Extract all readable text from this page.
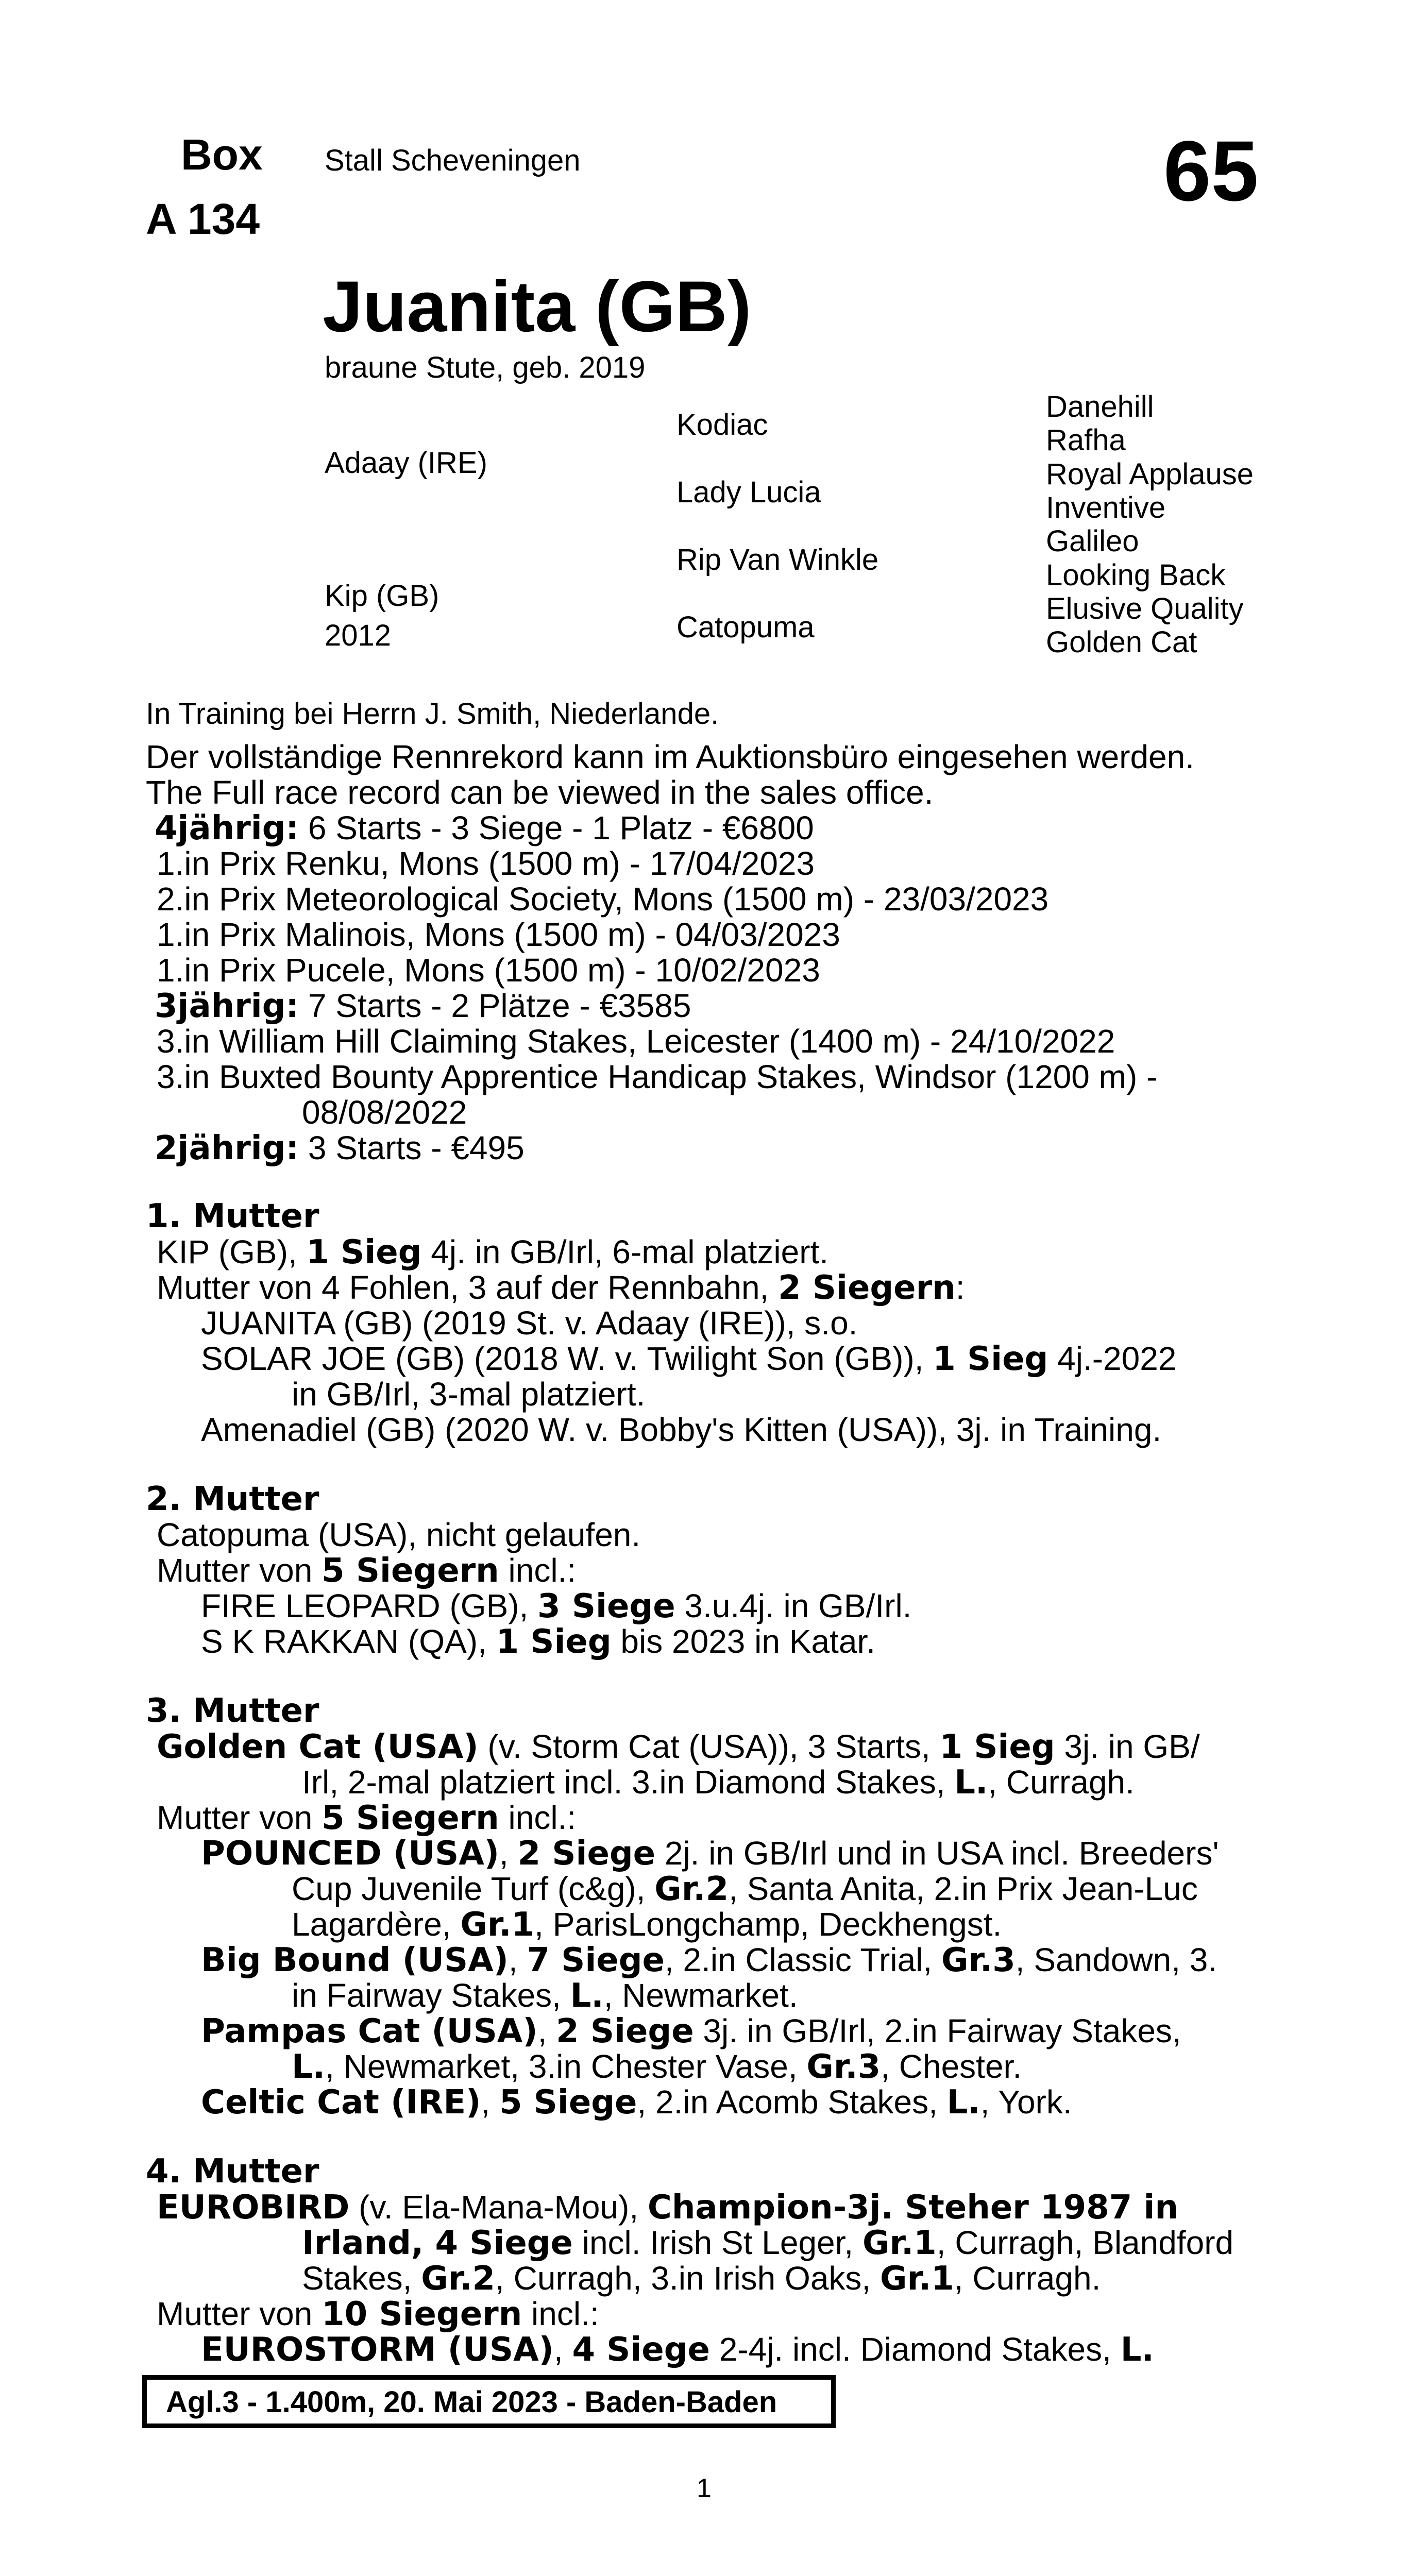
Box
A 134
Stall Scheveningen	65
Juanita (GB)
braune Stute, geb. 2019
Adaay (IRE)
Kip (GB)
2012
Kodiac
Lady Lucia
Rip Van Winkle
Catopuma
Danehill
Rafha
Royal Applause
Inventive
Galileo
Looking Back
Elusive Quality
Golden Cat
In Training bei Herrn J. Smith, Niederlande.
Der vollständige Rennrekord kann im Auktionsbüro eingesehen werden.
The Full race record can be viewed in the sales office.
4jährig: 6 Starts - 3 Siege - 1 Platz - €6800
1.in Prix Renku, Mons (1500 m) - 17/04/2023
2.in Prix Meteorological Society, Mons (1500 m) - 23/03/2023
1.in Prix Malinois, Mons (1500 m) - 04/03/2023
1.in Prix Pucele, Mons (1500 m) - 10/02/2023
3jährig: 7 Starts - 2 Plätze - €3585
3.in William Hill Claiming Stakes, Leicester (1400 m) - 24/10/2022
3.in Buxted Bounty Apprentice Handicap Stakes, Windsor (1200 m) -
08/08/2022
2jährig: 3 Starts - €495
1. Mutter
KIP (GB), 1 Sieg 4j. in GB/Irl, 6-mal platziert.
Mutter von 4 Fohlen, 3 auf der Rennbahn, 2 Siegern:
JUANITA (GB) (2019 St. v. Adaay (IRE)), s.o.
SOLAR JOE (GB) (2018 W. v. Twilight Son (GB)), 1 Sieg 4j.-2022
in GB/Irl, 3-mal platziert.
Amenadiel (GB) (2020 W. v. Bobby's Kitten (USA)), 3j. in Training.
2. Mutter
Catopuma (USA), nicht gelaufen.
Mutter von 5 Siegern incl.:
FIRE LEOPARD (GB), 3 Siege 3.u.4j. in GB/Irl.
S K RAKKAN (QA), 1 Sieg bis 2023 in Katar.
3. Mutter
Golden Cat (USA) (v. Storm Cat (USA)), 3 Starts, 1 Sieg 3j. in GB/
Irl, 2-mal platziert incl. 3.in Diamond Stakes, L., Curragh.
Mutter von 5 Siegern incl.:
POUNCED (USA), 2 Siege 2j. in GB/Irl und in USA incl. Breeders'
Cup Juvenile Turf (c&g), Gr.2, Santa Anita, 2.in Prix Jean-Luc
Lagardère, Gr.1, ParisLongchamp, Deckhengst.
Big Bound (USA), 7 Siege, 2.in Classic Trial, Gr.3, Sandown, 3.
in Fairway Stakes, L., Newmarket.
Pampas Cat (USA), 2 Siege 3j. in GB/Irl, 2.in Fairway Stakes,
L., Newmarket, 3.in Chester Vase, Gr.3, Chester.
Celtic Cat (IRE), 5 Siege, 2.in Acomb Stakes, L., York.
4. Mutter
EUROBIRD (v. Ela-Mana-Mou), Champion-3j. Steher 1987 in
Irland, 4 Siege incl. Irish St Leger, Gr.1, Curragh, Blandford
Stakes, Gr.2, Curragh, 3.in Irish Oaks, Gr.1, Curragh.
Mutter von 10 Siegern incl.:
EUROSTORM (USA), 4 Siege 2-4j. incl. Diamond Stakes, L.
Agl.3 - 1.400m, 20. Mai 2023 - Baden-Baden
1
